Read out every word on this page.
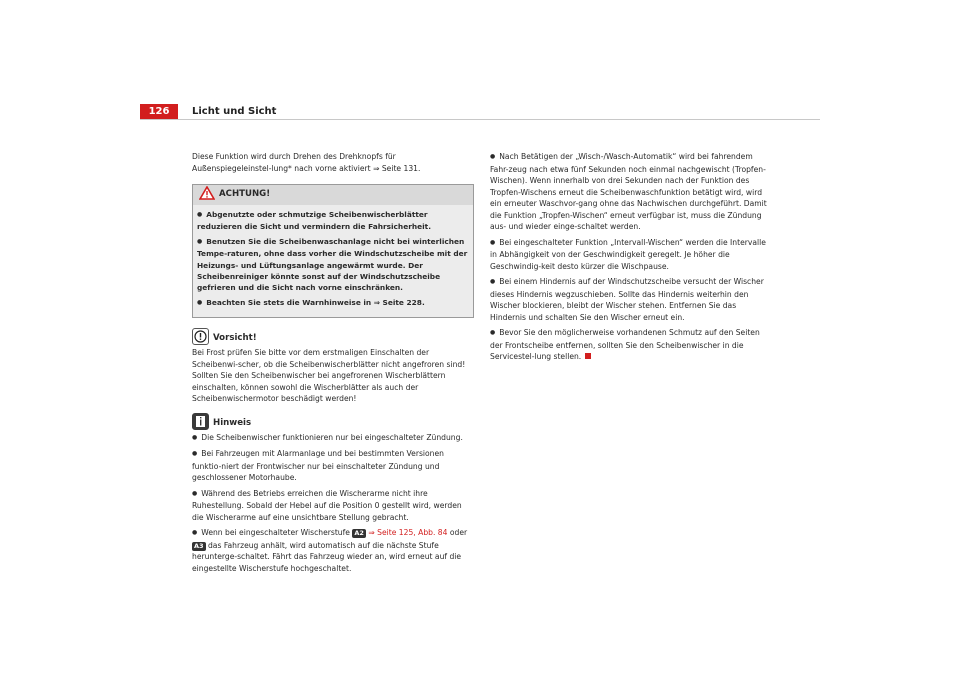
126	Licht und Sicht

Diese Funktion wird durch Drehen des Drehknopfs für Außenspiegeleinstel-lung* nach vorne aktiviert ⇒ Seite 131.

ACHTUNG!

● Abgenutzte oder schmutzige Scheibenwischerblätter reduzieren die Sicht und vermindern die Fahrsicherheit.

● Benutzen Sie die Scheibenwaschanlage nicht bei winterlichen Tempe-raturen, ohne dass vorher die Windschutzscheibe mit der Heizungs- und Lüftungsanlage angewärmt wurde. Der Scheibenreiniger könnte sonst auf der Windschutzscheibe gefrieren und die Sicht nach vorne einschränken.

● Beachten Sie stets die Warnhinweise in ⇒ Seite 228.

Vorsicht!

Bei Frost prüfen Sie bitte vor dem erstmaligen Einschalten der Scheibenwi-scher, ob die Scheibenwischerblätter nicht angefroren sind! Sollten Sie den Scheibenwischer bei angefrorenen Wischerblättern einschalten, können sowohl die Wischerblätter als auch der Scheibenwischermotor beschädigt werden!

Hinweis

● Die Scheibenwischer funktionieren nur bei eingeschalteter Zündung.

● Bei Fahrzeugen mit Alarmanlage und bei bestimmten Versionen funktio-niert der Frontwischer nur bei einschalteter Zündung und geschlossener Motorhaube.

● Während des Betriebs erreichen die Wischerarme nicht ihre Ruhestellung. Sobald der Hebel auf die Position 0 gestellt wird, werden die Wischerarme auf eine unsichtbare Stellung gebracht.

● Wenn bei eingeschalteter Wischerstufe A2 ⇒ Seite 125, Abb. 84 oder A3 das Fahrzeug anhält, wird automatisch auf die nächste Stufe herunterge-schaltet. Fährt das Fahrzeug wieder an, wird erneut auf die eingestellte Wischerstufe hochgeschaltet.

● Nach Betätigen der „Wisch-/Wasch-Automatik“ wird bei fahrendem Fahr-zeug nach etwa fünf Sekunden noch einmal nachgewischt (Tropfen-Wischen). Wenn innerhalb von drei Sekunden nach der Funktion des Tropfen-Wischens erneut die Scheibenwaschfunktion betätigt wird, wird ein erneuter Waschvor-gang ohne das Nachwischen durchgeführt. Damit die Funktion „Tropfen-Wischen“ erneut verfügbar ist, muss die Zündung aus- und wieder einge-schaltet werden.

● Bei eingeschalteter Funktion „Intervall-Wischen“ werden die Intervalle in Abhängigkeit von der Geschwindigkeit geregelt. Je höher die Geschwindig-keit desto kürzer die Wischpause.

● Bei einem Hindernis auf der Windschutzscheibe versucht der Wischer dieses Hindernis wegzuschieben. Sollte das Hindernis weiterhin den Wischer blockieren, bleibt der Wischer stehen. Entfernen Sie das Hindernis und schalten Sie den Wischer erneut ein.

● Bevor Sie den möglicherweise vorhandenen Schmutz auf den Seiten der Frontscheibe entfernen, sollten Sie den Scheibenwischer in die Servicestel-lung stellen.
